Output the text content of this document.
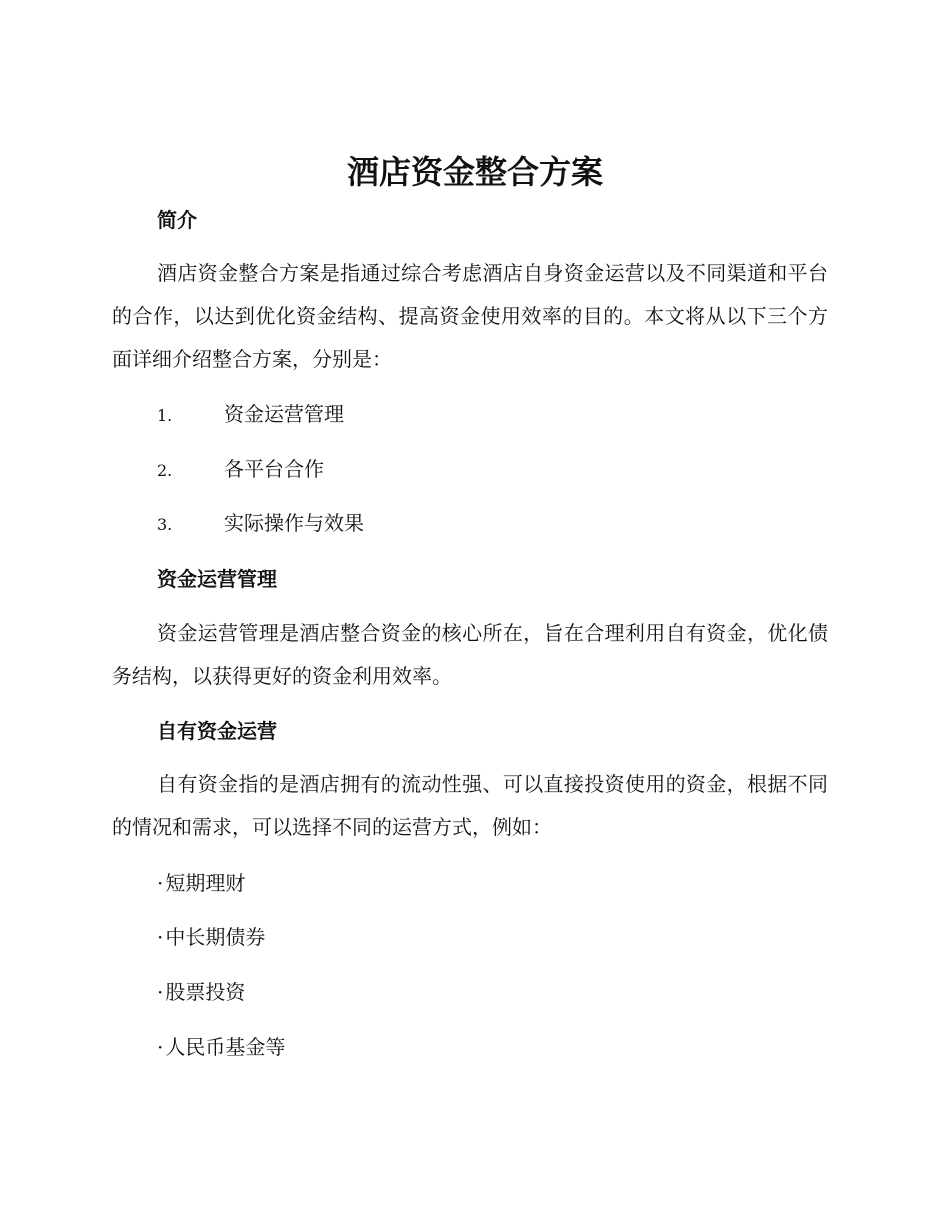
酒店资金整合方案
简介

酒店资金整合方案是指通过综合考虑酒店自身资金运营以及不同渠道和平台的合作，以达到优化资金结构、提高资金使用效率的目的。本文将从以下三个方面详细介绍整合方案，分别是：

1.	资金运营管理
2.	各平台合作
3.	实际操作与效果
资金运营管理

资金运营管理是酒店整合资金的核心所在，旨在合理利用自有资金，优化债务结构，以获得更好的资金利用效率。

自有资金运营

自有资金指的是酒店拥有的流动性强、可以直接投资使用的资金，根据不同的情况和需求，可以选择不同的运营方式，例如：

· 短期理财
· 中长期债券
· 股票投资
· 人民币基金等
